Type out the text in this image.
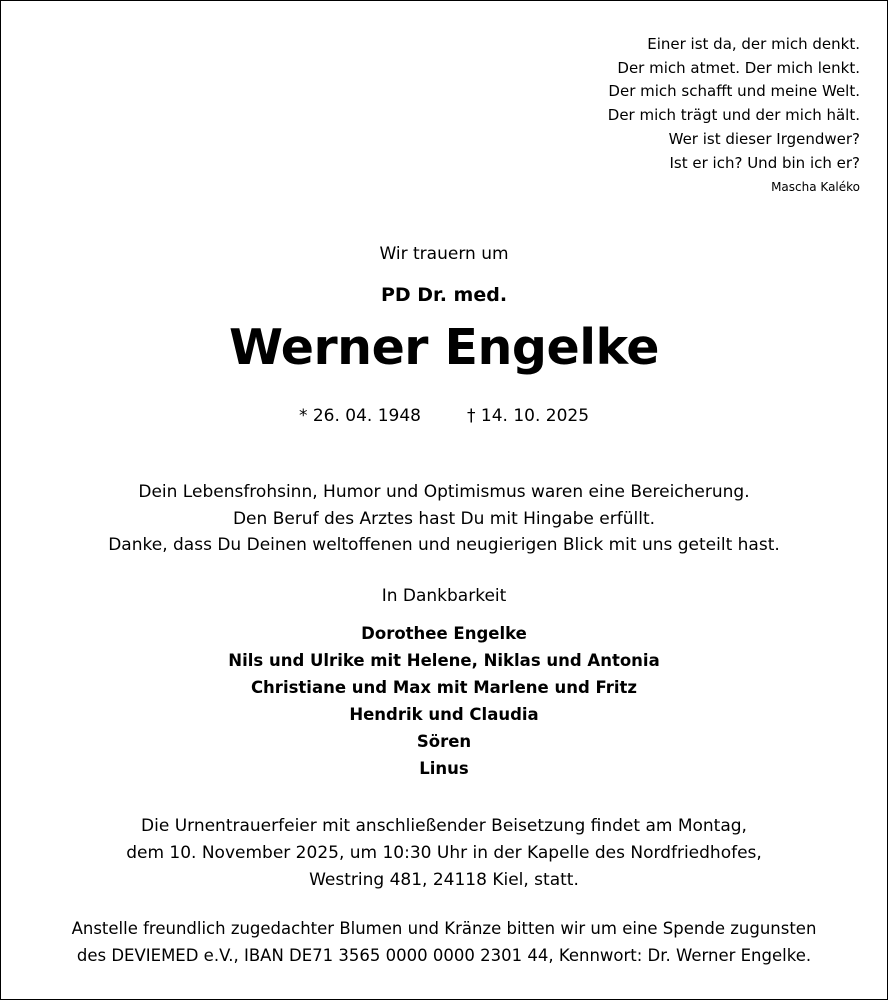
Einer ist da, der mich denkt.
Der mich atmet. Der mich lenkt.
Der mich schafft und meine Welt.
Der mich trägt und der mich hält.
Wer ist dieser Irgendwer?
Ist er ich? Und bin ich er?
Mascha Kaléko
Wir trauern um
PD Dr. med.
Werner Engelke
* 26. 04. 1948	† 14. 10. 2025
Dein Lebensfrohsinn, Humor und Optimismus waren eine Bereicherung.
Den Beruf des Arztes hast Du mit Hingabe erfüllt.
Danke, dass Du Deinen weltoffenen und neugierigen Blick mit uns geteilt hast.
In Dankbarkeit
Dorothee Engelke
Nils und Ulrike mit Helene, Niklas und Antonia
Christiane und Max mit Marlene und Fritz
Hendrik und Claudia
Sören
Linus
Die Urnentrauerfeier mit anschließender Beisetzung findet am Montag,
dem 10. November 2025, um 10:30 Uhr in der Kapelle des Nordfriedhofes,
Westring 481, 24118 Kiel, statt.
Anstelle freundlich zugedachter Blumen und Kränze bitten wir um eine Spende zugunsten
des DEVIEMED e.V., IBAN DE71 3565 0000 0000 2301 44, Kennwort: Dr. Werner Engelke.
